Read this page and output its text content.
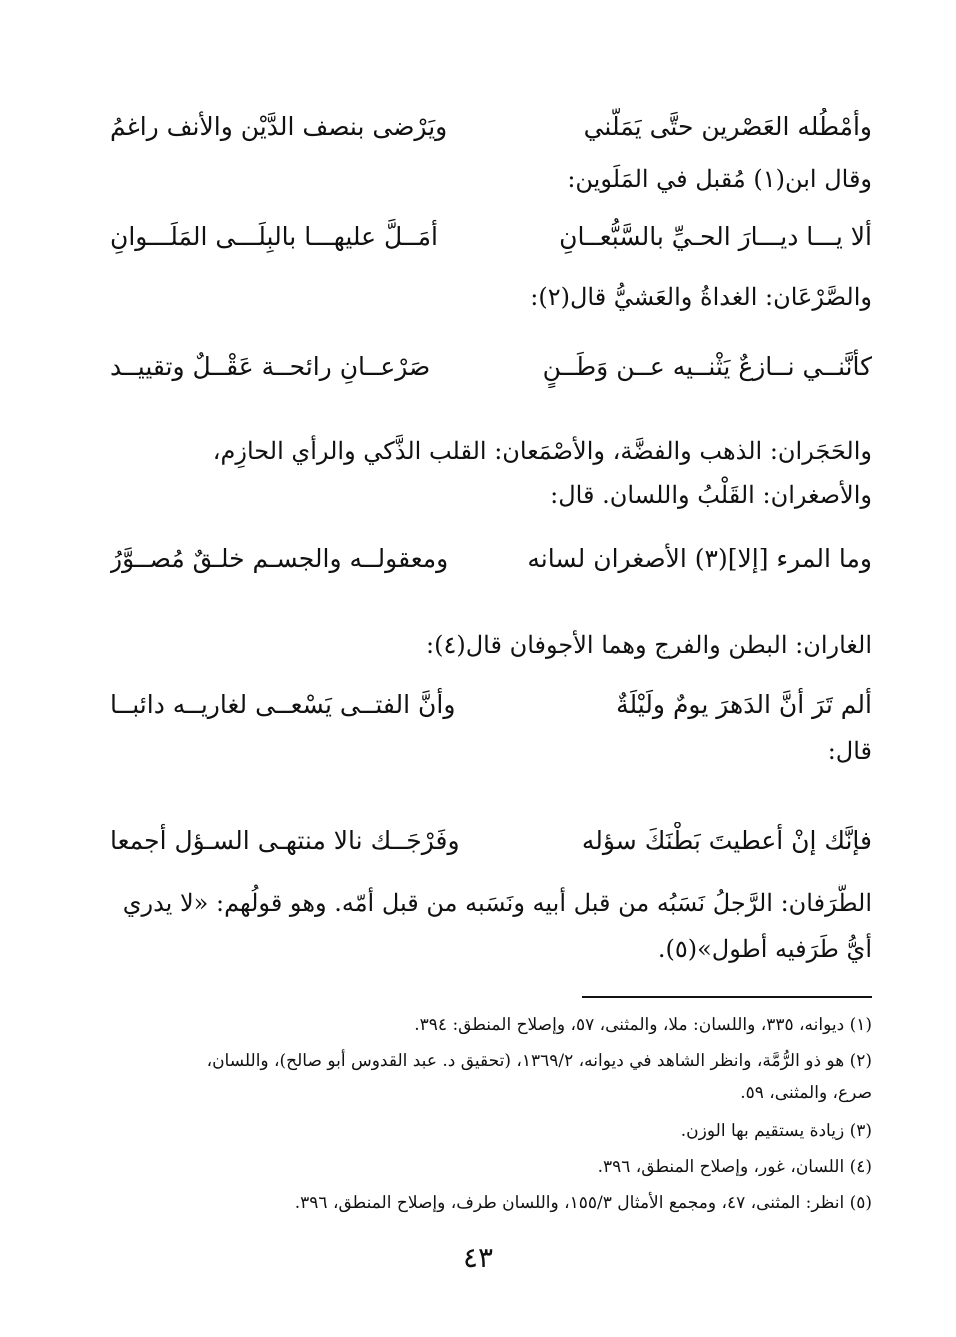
وأمْطُله العَصْرين حتَّى يَمَلَّني
ويَرْضى بنصف الدَّيْن والأنف راغمُ
وقال ابن(١) مُقبل في المَلَوين:
ألا يـــا ديـــارَ الحـيِّ بالسَّبُّعــانِ
أمَــلَّ عليهـــا بالبِلَـــى المَلَـــوانِ
والصَّرْعَان: الغداةُ والعَشيُّ قال(٢):
كأنَّنــي نــازعٌ يَثْنــيه عــن وَطَــنٍ
صَرْعــانِ رائحــة عَقْــلٌ وتقييــد
والحَجَران: الذهب والفضَّة، والأصْمَعان: القلب الذَّكي والرأي الحازِم،
والأصغران: القَلْبُ واللسان. قال:
وما المرء [إلا](٣) الأصغران لسانه
ومعقولــه والجسـم خلـقٌ مُصــوَّرُ
الغاران: البطن والفرج وهما الأجوفان قال(٤):
ألم تَرَ أنَّ الدَهرَ يومٌ ولَيْلَةٌ
وأنَّ الفتــى يَسْعــى لغاريــه دائبــا
قال:
فإنَّك إنْ أعطيتَ بَطْنَكَ سؤله
وفَرْجَــك نالا منتهـى السـؤل أجمعا
الطَّرَفان: الرَّجلُ نَسَبُه من قبل أبيه ونَسَبه من قبل أمّه. وهو قولُهم: «لا يدري
أيُّ طَرَفيه أطول»(٥).
(١) ديوانه، ٣٣٥، واللسان: ملا، والمثنى، ٥٧، وإصلاح المنطق: ٣٩٤.
(٢) هو ذو الرُّمَّة، وانظر الشاهد في ديوانه، ١٣٦٩/٢، (تحقيق د. عبد القدوس أبو صالح)، واللسان،
صرع، والمثنى، ٥٩.
(٣) زيادة يستقيم بها الوزن.
(٤) اللسان، غور، وإصلاح المنطق، ٣٩٦.
(٥) انظر: المثنى، ٤٧، ومجمع الأمثال ١٥٥/٣، واللسان طرف، وإصلاح المنطق، ٣٩٦.
٤٣
